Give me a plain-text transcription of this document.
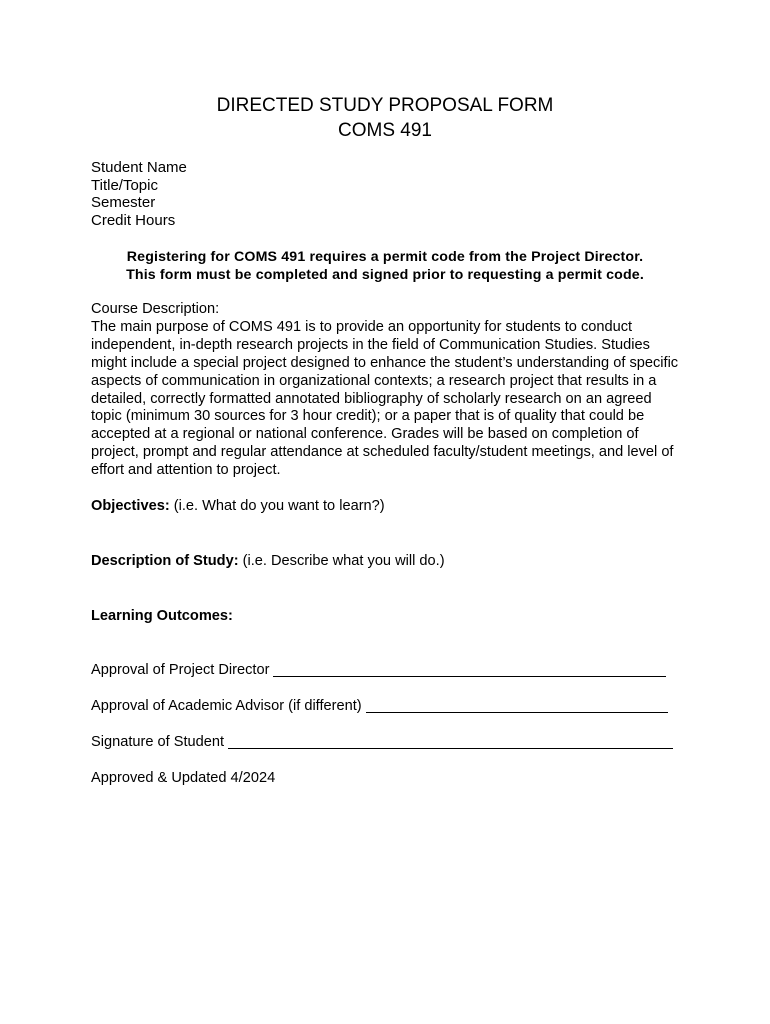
DIRECTED STUDY PROPOSAL FORM
COMS 491
Student Name
Title/Topic
Semester
Credit Hours
Registering for COMS 491 requires a permit code from the Project Director.
This form must be completed and signed prior to requesting a permit code.
Course Description:

The main purpose of COMS 491 is to provide an opportunity for students to conduct independent, in-depth research projects in the field of Communication Studies. Studies might include a special project designed to enhance the student’s understanding of specific aspects of communication in organizational contexts; a research project that results in a detailed, correctly formatted annotated bibliography of scholarly research on an agreed topic (minimum 30 sources for 3 hour credit); or a paper that is of quality that could be accepted at a regional or national conference. Grades will be based on completion of project, prompt and regular attendance at scheduled faculty/student meetings, and level of effort and attention to project.

Objectives: (i.e. What do you want to learn?)
Description of Study: (i.e. Describe what you will do.)
Learning Outcomes:
Approval of Project Director
Approval of Academic Advisor (if different)
Signature of Student
Approved & Updated 4/2024
